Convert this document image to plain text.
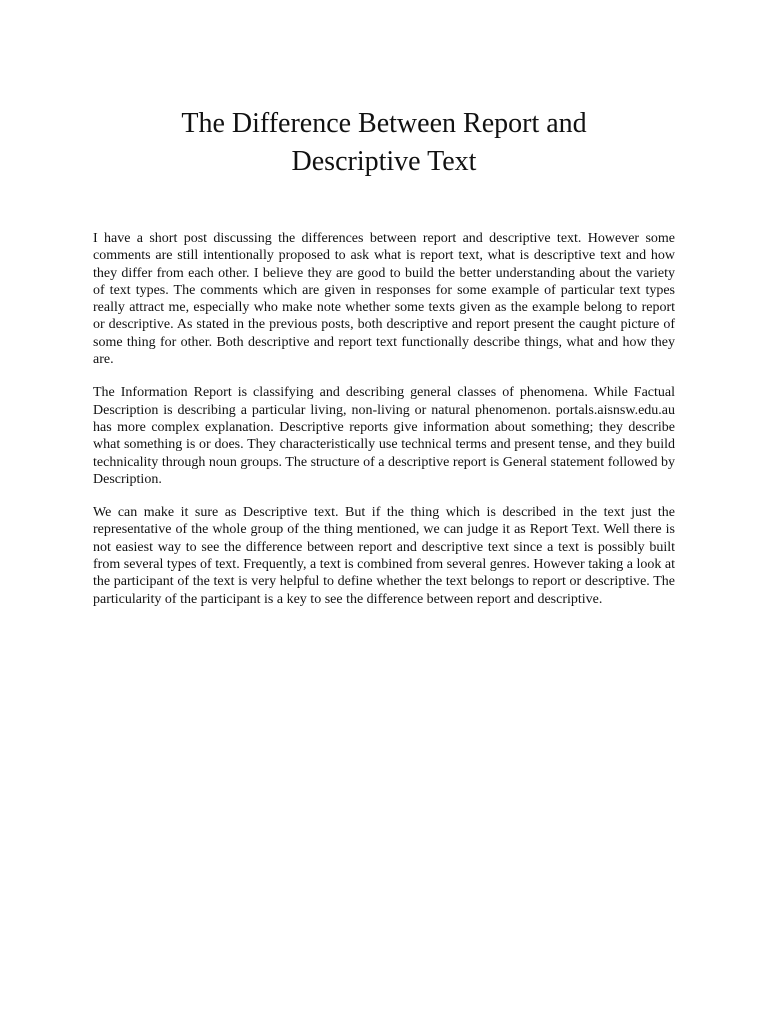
The Difference Between Report and
Descriptive Text

I have a short post discussing the differences between report and descriptive text. However some comments are still intentionally proposed to ask what is report text, what is descriptive text and how they differ from each other. I believe they are good to build the better understanding about the variety of text types. The comments which are given in responses for some example of particular text types really attract me, especially who make note whether some texts given as the example belong to report or descriptive. As stated in the previous posts, both descriptive and report present the caught picture of some thing for other. Both descriptive and report text functionally describe things, what and how they are.

The Information Report is classifying and describing general classes of phenomena. While Factual Description is describing a particular living, non-living or natural phenomenon. portals.aisnsw.edu.au has more complex explanation. Descriptive reports give information about something; they describe what something is or does. They characteristically use technical terms and present tense, and they build technicality through noun groups. The structure of a descriptive report is General statement followed by Description.

We can make it sure as Descriptive text. But if the thing which is described in the text just the representative of the whole group of the thing mentioned, we can judge it as Report Text. Well there is not easiest way to see the difference between report and descriptive text since a text is possibly built from several types of text. Frequently, a text is combined from several genres. However taking a look at the participant of the text is very helpful to define whether the text belongs to report or descriptive. The particularity of the participant is a key to see the difference between report and descriptive.
